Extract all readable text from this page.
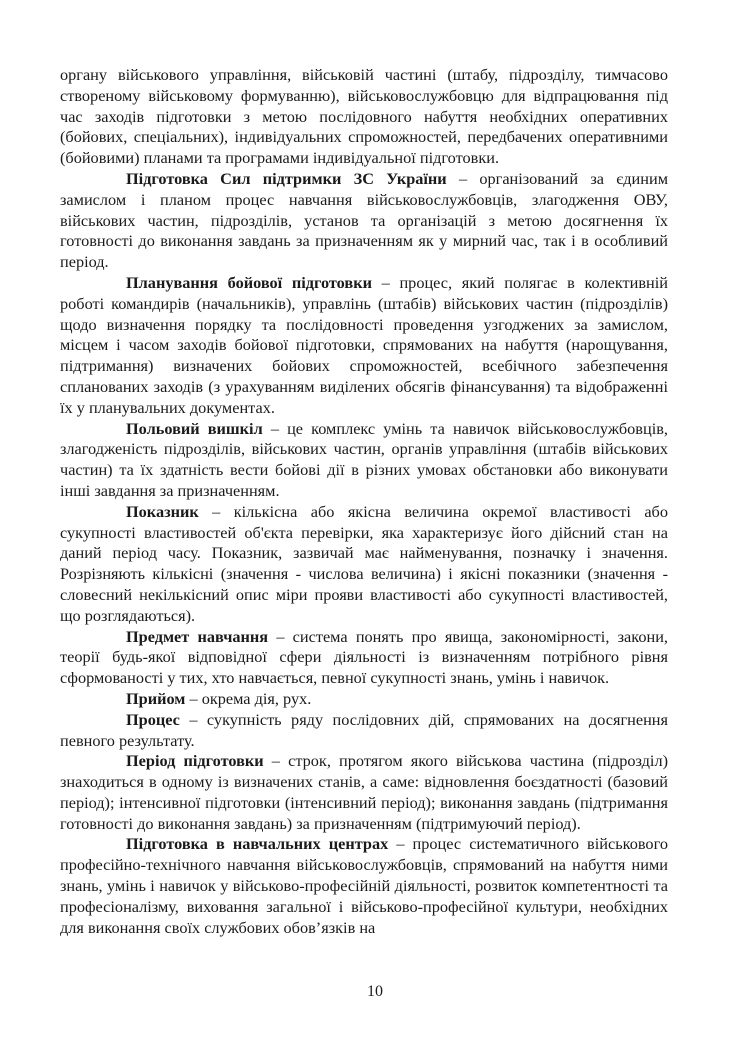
органу військового управління, військовій частині (штабу, підрозділу, тимчасово створеному військовому формуванню), військовослужбовцю для відпрацювання під час заходів підготовки з метою послідовного набуття необхідних оперативних (бойових, спеціальних), індивідуальних спроможностей, передбачених оперативними (бойовими) планами та програмами індивідуальної підготовки.

Підготовка Сил підтримки ЗС України – організований за єдиним замислом і планом процес навчання військовослужбовців, злагодження ОВУ, військових частин, підрозділів, установ та організацій з метою досягнення їх готовності до виконання завдань за призначенням як у мирний час, так і в особливий період.

Планування бойової підготовки – процес, який полягає в колективній роботі командирів (начальників), управлінь (штабів) військових частин (підрозділів) щодо визначення порядку та послідовності проведення узгоджених за замислом, місцем і часом заходів бойової підготовки, спрямованих на набуття (нарощування, підтримання) визначених бойових спроможностей, всебічного забезпечення спланованих заходів (з урахуванням виділених обсягів фінансування) та відображенні їх у планувальних документах.

Польовий вишкіл – це комплекс умінь та навичок військовослужбовців, злагодженість підрозділів, військових частин, органів управління (штабів військових частин) та їх здатність вести бойові дії в різних умовах обстановки або виконувати інші завдання за призначенням.

Показник – кількісна або якісна величина окремої властивості або сукупності властивостей об'єкта перевірки, яка характеризує його дійсний стан на даний період часу. Показник, зазвичай має найменування, позначку і значення. Розрізняють кількісні (значення - числова величина) і якісні показники (значення - словесний некількісний опис міри прояви властивості або сукупності властивостей, що розглядаються).

Предмет навчання – система понять про явища, закономірності, закони, теорії будь-якої відповідної сфери діяльності із визначенням потрібного рівня сформованості у тих, хто навчається, певної сукупності знань, умінь і навичок.

Прийом – окрема дія, рух.

Процес – сукупність ряду послідовних дій, спрямованих на досягнення певного результату.

Період підготовки – строк, протягом якого військова частина (підрозділ) знаходиться в одному із визначених станів, а саме: відновлення боєздатності (базовий період); інтенсивної підготовки (інтенсивний період); виконання завдань (підтримання готовності до виконання завдань) за призначенням (підтримуючий період).

Підготовка в навчальних центрах – процес систематичного військового професійно-технічного навчання військовослужбовців, спрямований на набуття ними знань, умінь і навичок у військово-професійній діяльності, розвиток компетентності та професіоналізму, виховання загальної і військово-професійної культури, необхідних для виконання своїх службових обов’язків на

10
